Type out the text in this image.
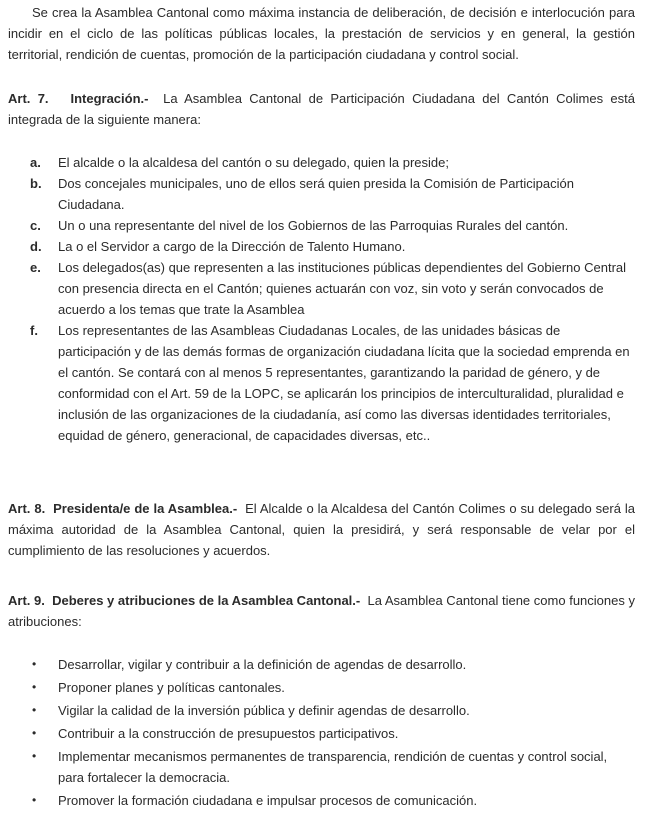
Se crea la Asamblea Cantonal como máxima instancia de deliberación, de decisión e interlocución para incidir en el ciclo de las políticas públicas locales, la prestación de servicios y en general, la gestión territorial, rendición de cuentas, promoción de la participación ciudadana y control social.

Art. 7. Integración.- La Asamblea Cantonal de Participación Ciudadana del Cantón Colimes está integrada de la siguiente manera:

a. El alcalde o la alcaldesa del cantón o su delegado, quien la preside;
b. Dos concejales municipales, uno de ellos será quien presida la Comisión de Participación Ciudadana.
c. Un o una representante del nivel de los Gobiernos de las Parroquias Rurales del cantón.
d. La o el Servidor a cargo de la Dirección de Talento Humano.
e. Los delegados(as) que representen a las instituciones públicas dependientes del Gobierno Central con presencia directa en el Cantón; quienes actuarán con voz, sin voto y serán convocados de acuerdo a los temas que trate la Asamblea
f. Los representantes de las Asambleas Ciudadanas Locales, de las unidades básicas de participación y de las demás formas de organización ciudadana lícita que la sociedad emprenda en el cantón. Se contará con al menos 5 representantes, garantizando la paridad de género, y de conformidad con el Art. 59 de la LOPC, se aplicarán los principios de interculturalidad, pluralidad e inclusión de las organizaciones de la ciudadanía, así como las diversas identidades territoriales, equidad de género, generacional, de capacidades diversas, etc..

Art. 8. Presidenta/e de la Asamblea.- El Alcalde o la Alcaldesa del Cantón Colimes o su delegado será la máxima autoridad de la Asamblea Cantonal, quien la presidirá, y será responsable de velar por el cumplimiento de las resoluciones y acuerdos.

Art. 9. Deberes y atribuciones de la Asamblea Cantonal.- La Asamblea Cantonal tiene como funciones y atribuciones:

• Desarrollar, vigilar y contribuir a la definición de agendas de desarrollo.
• Proponer planes y políticas cantonales.
• Vigilar la calidad de la inversión pública y definir agendas de desarrollo.
• Contribuir a la construcción de presupuestos participativos.
• Implementar mecanismos permanentes de transparencia, rendición de cuentas y control social, para fortalecer la democracia.
• Promover la formación ciudadana e impulsar procesos de comunicación.
